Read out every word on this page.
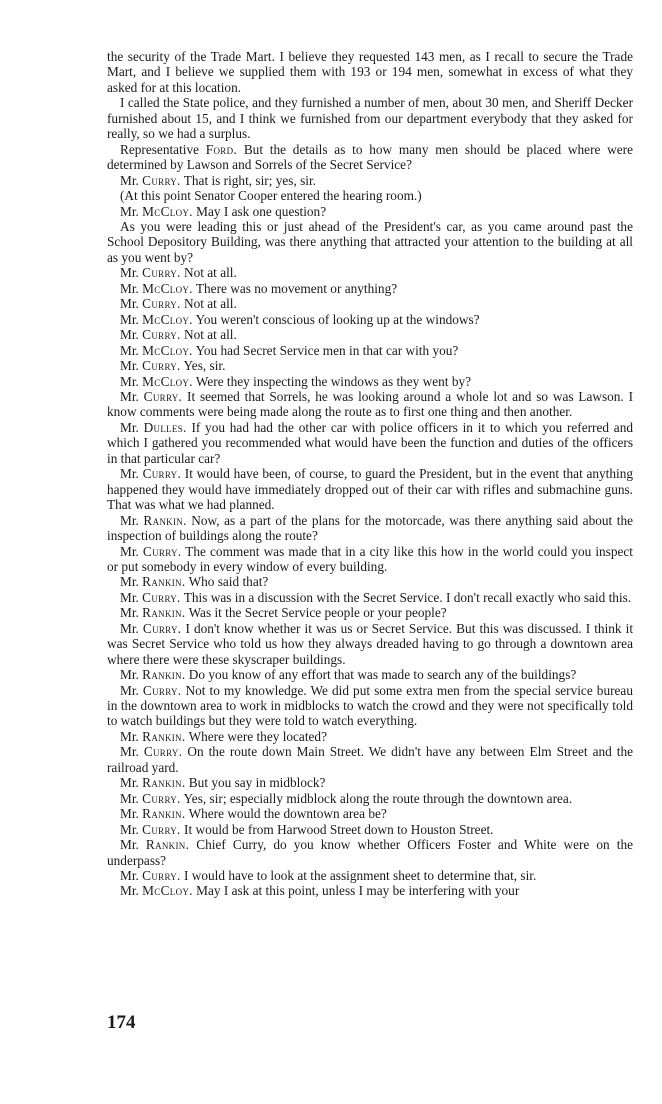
the security of the Trade Mart. I believe they requested 143 men, as I recall to secure the Trade Mart, and I believe we supplied them with 193 or 194 men, somewhat in excess of what they asked for at this location.

I called the State police, and they furnished a number of men, about 30 men, and Sheriff Decker furnished about 15, and I think we furnished from our department everybody that they asked for really, so we had a surplus.

Representative Ford. But the details as to how many men should be placed where were determined by Lawson and Sorrels of the Secret Service?

Mr. Curry. That is right, sir; yes, sir.

(At this point Senator Cooper entered the hearing room.)

Mr. McCloy. May I ask one question?

As you were leading this or just ahead of the President's car, as you came around past the School Depository Building, was there anything that attracted your attention to the building at all as you went by?

Mr. Curry. Not at all.

Mr. McCloy. There was no movement or anything?

Mr. Curry. Not at all.

Mr. McCloy. You weren't conscious of looking up at the windows?

Mr. Curry. Not at all.

Mr. McCloy. You had Secret Service men in that car with you?

Mr. Curry. Yes, sir.

Mr. McCloy. Were they inspecting the windows as they went by?

Mr. Curry. It seemed that Sorrels, he was looking around a whole lot and so was Lawson. I know comments were being made along the route as to first one thing and then another.

Mr. Dulles. If you had had the other car with police officers in it to which you referred and which I gathered you recommended what would have been the function and duties of the officers in that particular car?

Mr. Curry. It would have been, of course, to guard the President, but in the event that anything happened they would have immediately dropped out of their car with rifles and submachine guns. That was what we had planned.

Mr. Rankin. Now, as a part of the plans for the motorcade, was there anything said about the inspection of buildings along the route?

Mr. Curry. The comment was made that in a city like this how in the world could you inspect or put somebody in every window of every building.

Mr. Rankin. Who said that?

Mr. Curry. This was in a discussion with the Secret Service. I don't recall exactly who said this.

Mr. Rankin. Was it the Secret Service people or your people?

Mr. Curry. I don't know whether it was us or Secret Service. But this was discussed. I think it was Secret Service who told us how they always dreaded having to go through a downtown area where there were these skyscraper buildings.

Mr. Rankin. Do you know of any effort that was made to search any of the buildings?

Mr. Curry. Not to my knowledge. We did put some extra men from the special service bureau in the downtown area to work in midblocks to watch the crowd and they were not specifically told to watch buildings but they were told to watch everything.

Mr. Rankin. Where were they located?

Mr. Curry. On the route down Main Street. We didn't have any between Elm Street and the railroad yard.

Mr. Rankin. But you say in midblock?

Mr. Curry. Yes, sir; especially midblock along the route through the downtown area.

Mr. Rankin. Where would the downtown area be?

Mr. Curry. It would be from Harwood Street down to Houston Street.

Mr. Rankin. Chief Curry, do you know whether Officers Foster and White were on the underpass?

Mr. Curry. I would have to look at the assignment sheet to determine that, sir.

Mr. McCloy. May I ask at this point, unless I may be interfering with your

174
